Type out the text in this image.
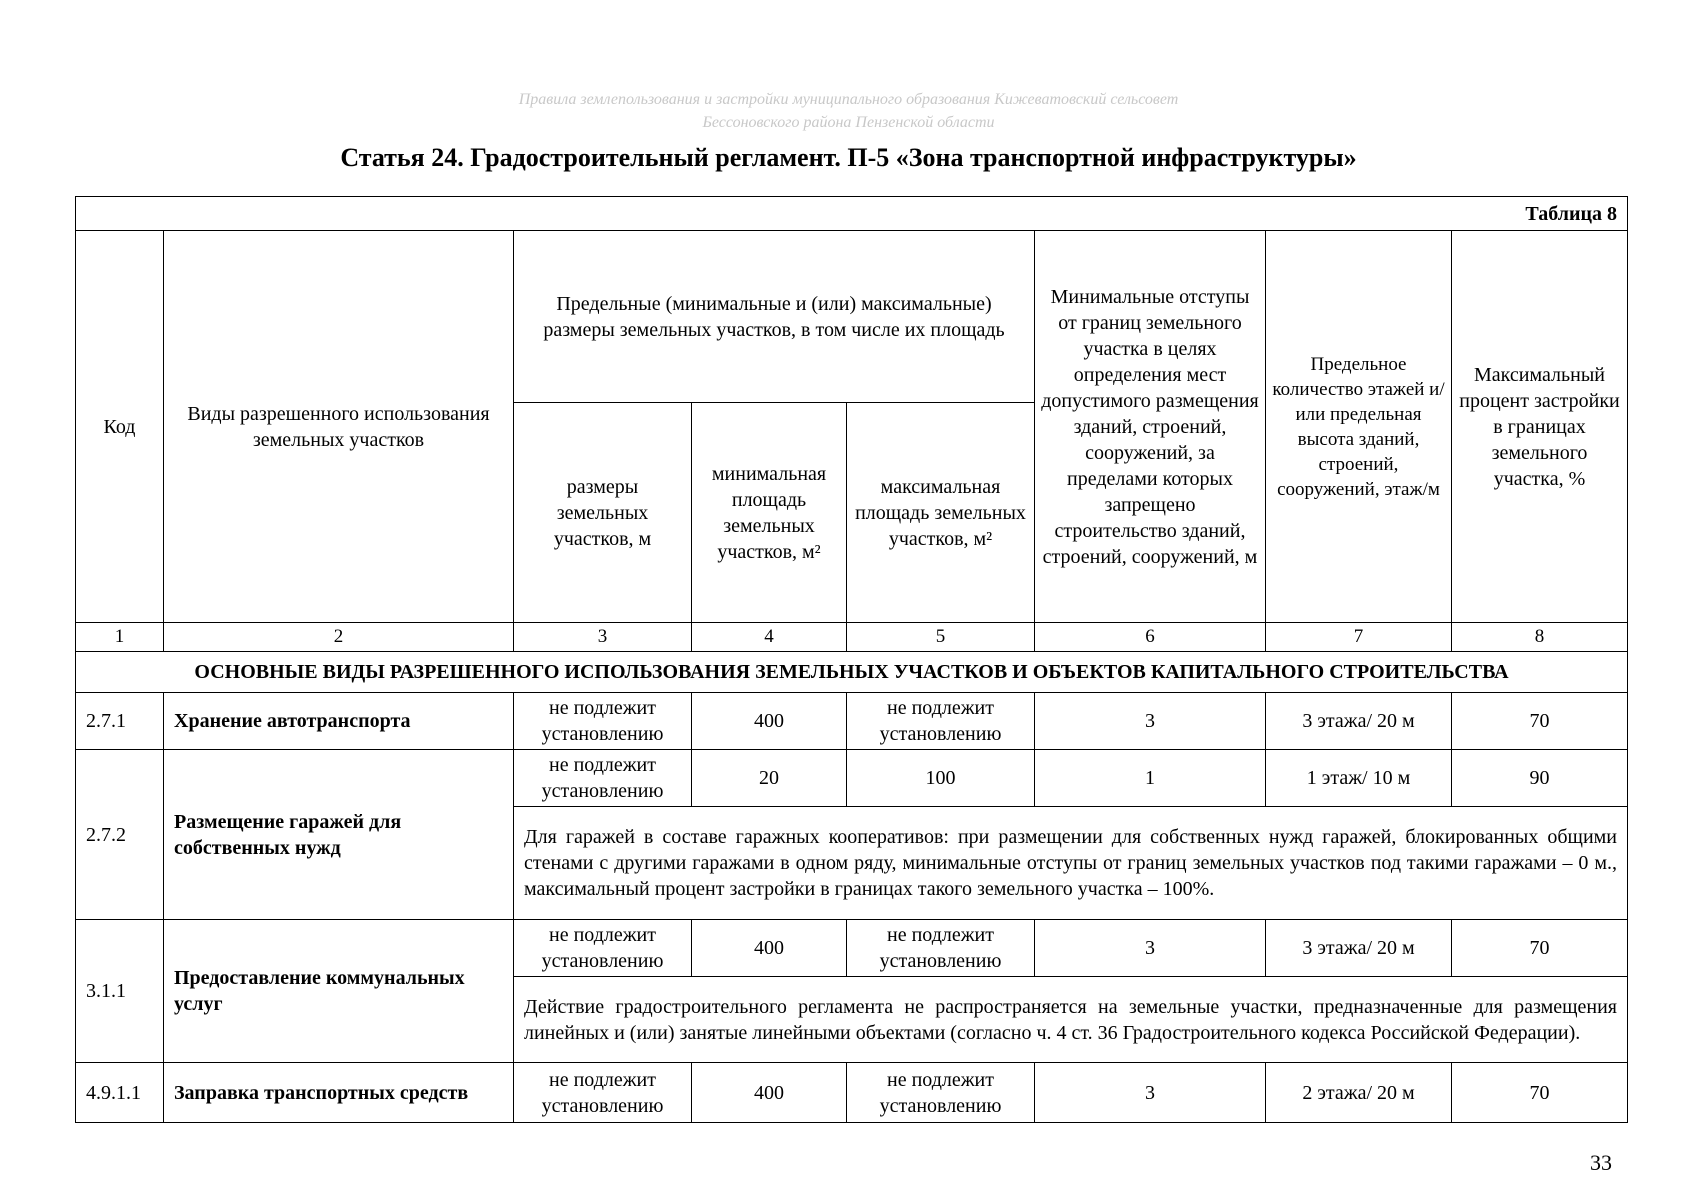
Правила землепользования и застройки муниципального образования Кижеватовский сельсовет
Бессоновского района Пензенской области
Статья 24. Градостроительный регламент. П-5 «Зона транспортной инфраструктуры»
Таблица 8							
Код	Виды разрешенного использования земельных участков	Предельные (минимальные и (или) максимальные) размеры земельных участков, в том числе их площадь			Минимальные отступы от границ земельного участка в целях определения мест допустимого размещения зданий, строений, сооружений, за пределами которых запрещено строительство зданий, строений, сооружений, м	Предельное количество этажей и/или предельная высота зданий, строений, сооружений, этаж/м	Максимальный процент застройки в границах земельного участка, %
		размеры земельных участков, м	минимальная площадь земельных участков, м²	максимальная площадь земельных участков, м²			
1	2	3	4	5	6	7	8
ОСНОВНЫЕ ВИДЫ РАЗРЕШЕННОГО ИСПОЛЬЗОВАНИЯ ЗЕМЕЛЬНЫХ УЧАСТКОВ И ОБЪЕКТОВ КАПИТАЛЬНОГО СТРОИТЕЛЬСТВА							
2.7.1	Хранение автотранспорта	не подлежит установлению	400	не подлежит установлению	3	3 этажа/ 20 м	70
2.7.2	Размещение гаражей для собственных нужд	не подлежит установлению	20	100	1	1 этаж/ 10 м	90
		Для гаражей в составе гаражных кооперативов: при размещении для собственных нужд гаражей, блокированных общими стенами с другими гаражами в одном ряду, минимальные отступы от границ земельных участков под такими гаражами – 0 м., максимальный процент застройки в границах такого земельного участка – 100%.					
3.1.1	Предоставление коммунальных услуг	не подлежит установлению	400	не подлежит установлению	3	3 этажа/ 20 м	70
		Действие градостроительного регламента не распространяется на земельные участки, предназначенные для размещения линейных и (или) занятые линейными объектами (согласно ч. 4 ст. 36 Градостроительного кодекса Российской Федерации).					
4.9.1.1	Заправка транспортных средств	не подлежит установлению	400	не подлежит установлению	3	2 этажа/ 20 м	70
33
